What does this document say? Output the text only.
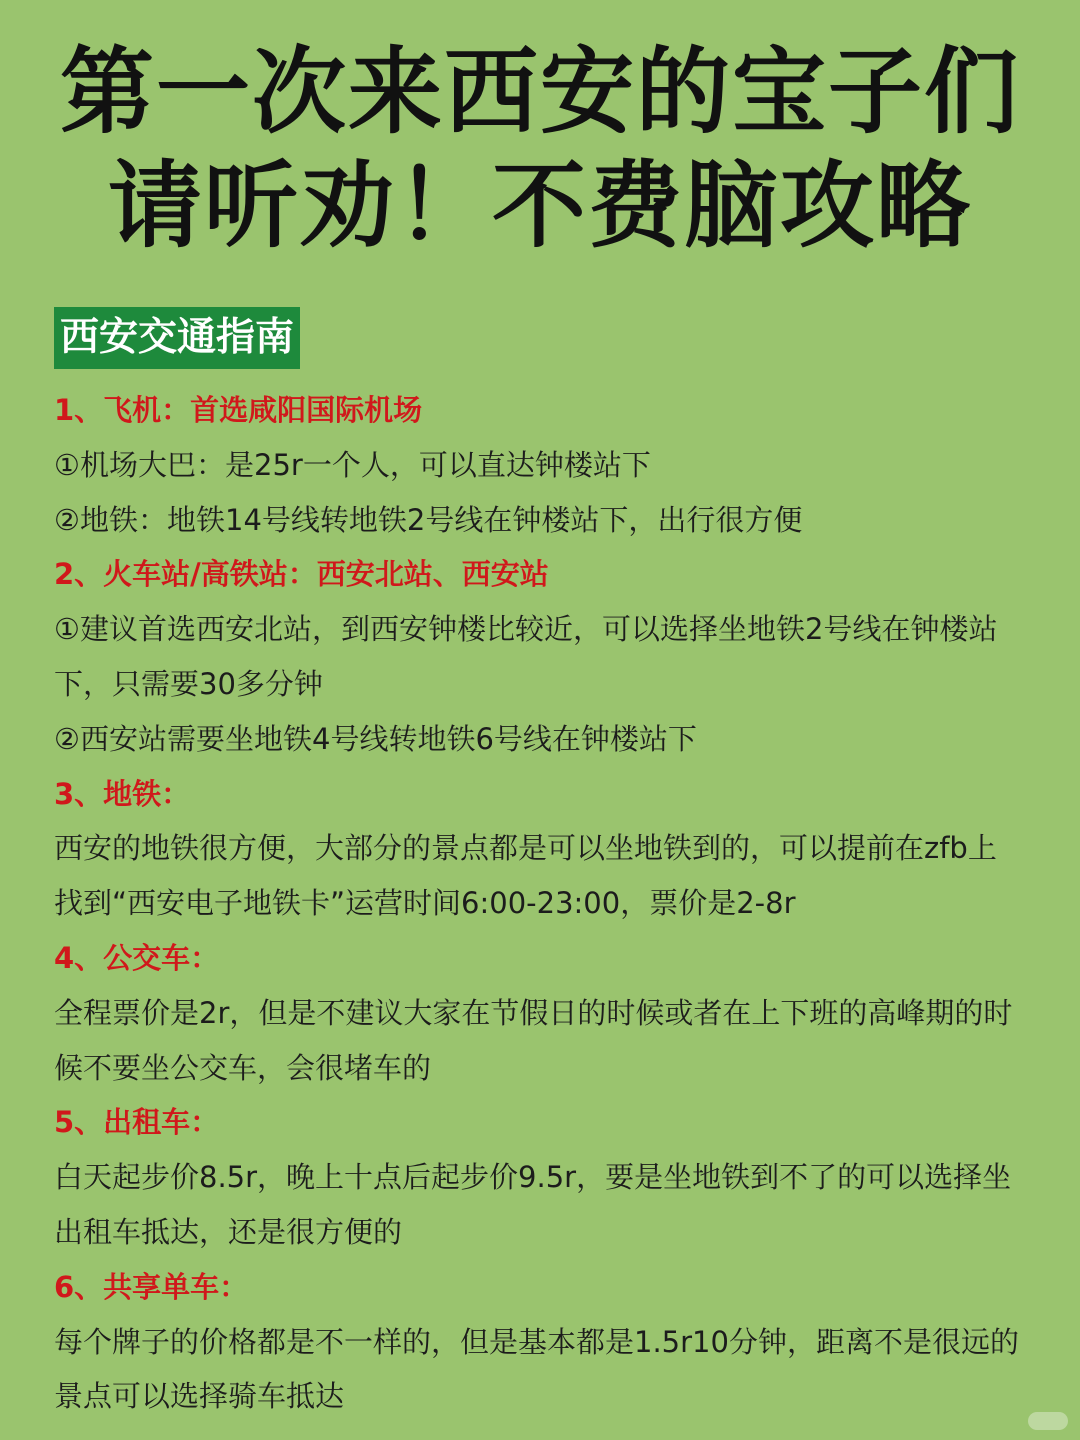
第一次来西安的宝子们
请听劝！不费脑攻略
西安交通指南
1、飞机：首选咸阳国际机场
①机场大巴：是25r一个人，可以直达钟楼站下
②地铁：地铁14号线转地铁2号线在钟楼站下，出行很方便
2、火车站/高铁站：西安北站、西安站
①建议首选西安北站，到西安钟楼比较近，可以选择坐地铁2号线在钟楼站
下，只需要30多分钟
②西安站需要坐地铁4号线转地铁6号线在钟楼站下
3、地铁：
西安的地铁很方便，大部分的景点都是可以坐地铁到的，可以提前在zfb上
找到“西安电子地铁卡”运营时间6:00-23:00，票价是2-8r
4、公交车：
全程票价是2r，但是不建议大家在节假日的时候或者在上下班的高峰期的时
候不要坐公交车，会很堵车的
5、出租车：
白天起步价8.5r，晚上十点后起步价9.5r，要是坐地铁到不了的可以选择坐
出租车抵达，还是很方便的
6、共享单车：
每个牌子的价格都是不一样的，但是基本都是1.5r10分钟，距离不是很远的
景点可以选择骑车抵达
